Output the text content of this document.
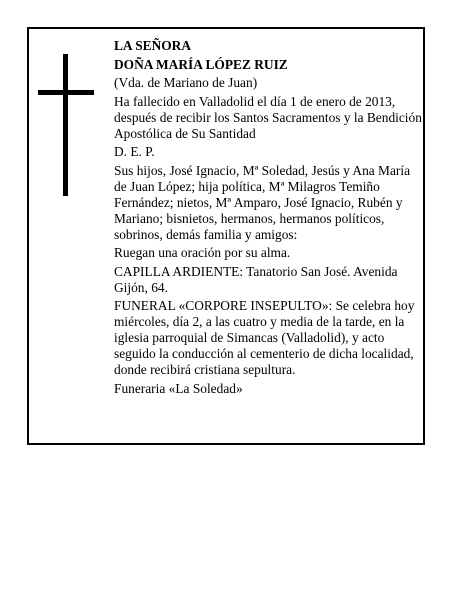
LA SEÑORA

DOÑA MARÍA LÓPEZ RUIZ

(Vda. de Mariano de Juan)

Ha fallecido en Valladolid el día 1 de enero de 2013, después de recibir los Santos Sacramentos y la Bendición Apostólica de Su Santidad

D. E. P.

Sus hijos, José Ignacio, Mª Soledad, Jesús y Ana María de Juan López; hija política, Mª Milagros Temiño Fernández; nietos, Mª Amparo, José Ignacio, Rubén y Mariano; bisnietos, hermanos, hermanos políticos, sobrinos, demás familia y amigos:

Ruegan una oración por su alma.

CAPILLA ARDIENTE: Tanatorio San José. Avenida Gijón, 64.

FUNERAL «CORPORE INSEPULTO»: Se celebra hoy miércoles, día 2, a las cuatro y media de la tarde, en la iglesia parroquial de Simancas (Valladolid), y acto seguido la conducción al cementerio de dicha localidad, donde recibirá cristiana sepultura.

Funeraria «La Soledad»
